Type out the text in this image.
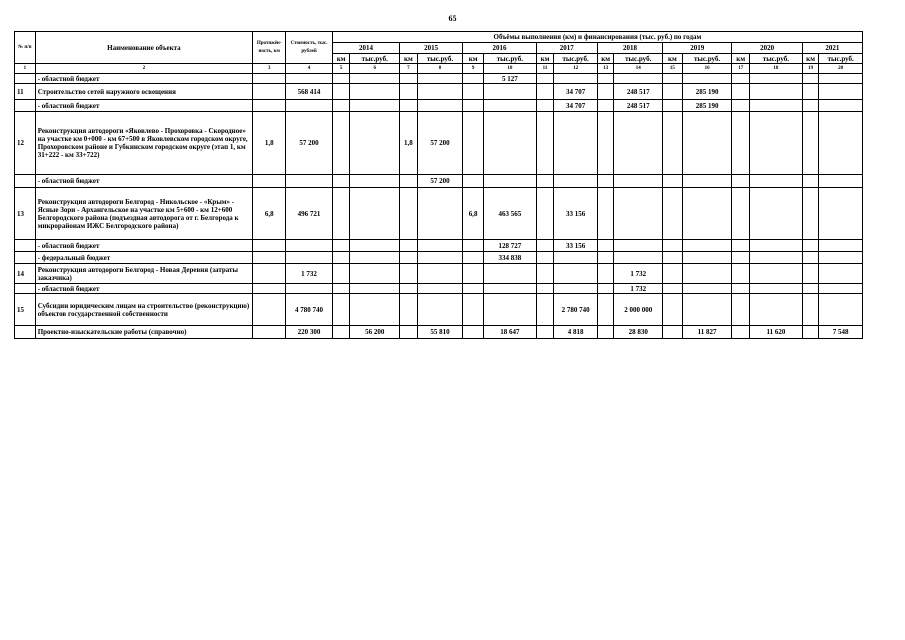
65
№ п/п	Наименование объекта	Протяжён-ность, км	Стоимость, тыс. рублей	Объёмы выполнения (км) и финансирования (тыс. руб.) по годам															
				2014		2015		2016		2017		2018		2019		2020		2021	
				км	тыс.руб.	км	тыс.руб.	км	тыс.руб.	км	тыс.руб.	км	тыс.руб.	км	тыс.руб.	км	тыс.руб.	км	тыс.руб.
1	2	3	4	5	6	7	8	9	10	11	12	13	14	15	16	17	18	19	20
	- областной бюджет								5 127										
11	Строительство сетей наружного освещения		568 414								34 707		248 517		285 190				
	- областной бюджет										34 707		248 517		285 190				
12	Реконструкция автодороги «Яковлево - Прохоровка - Скородное» на участке км 0+000 - км 67+500 в Яковлевском городском округе, Прохоровском районе и Губкинском городском округе (этап 1, км 31+222 - км 33+722)	1,8	57 200			1,8	57 200												
	- областной бюджет						57 200												
13	Реконструкция автодороги Белгород - Никольское - «Крым» - Ясные Зори - Архангельское на участке км 5+600 - км 12+600 Белгородского района (подъездная автодорога от г. Белгорода к микрорайонам ИЖС Белгородского района)	6,8	496 721					6,8	463 565		33 156								
	- областной бюджет								128 727		33 156								
	- федеральный бюджет								334 838										
14	Реконструкция автодороги Белгород - Новая Деревня (затраты заказчика)		1 732										1 732						
	- областной бюджет												1 732						
15	Субсидии юридическим лицам на строительство (реконструкцию) объектов государственной собственности		4 780 740								2 780 740		2 000 000						
	Проектно-изыскательские работы (справочно)		220 300		56 200		55 810		18 647		4 818		28 830		11 827		11 620		7 548
